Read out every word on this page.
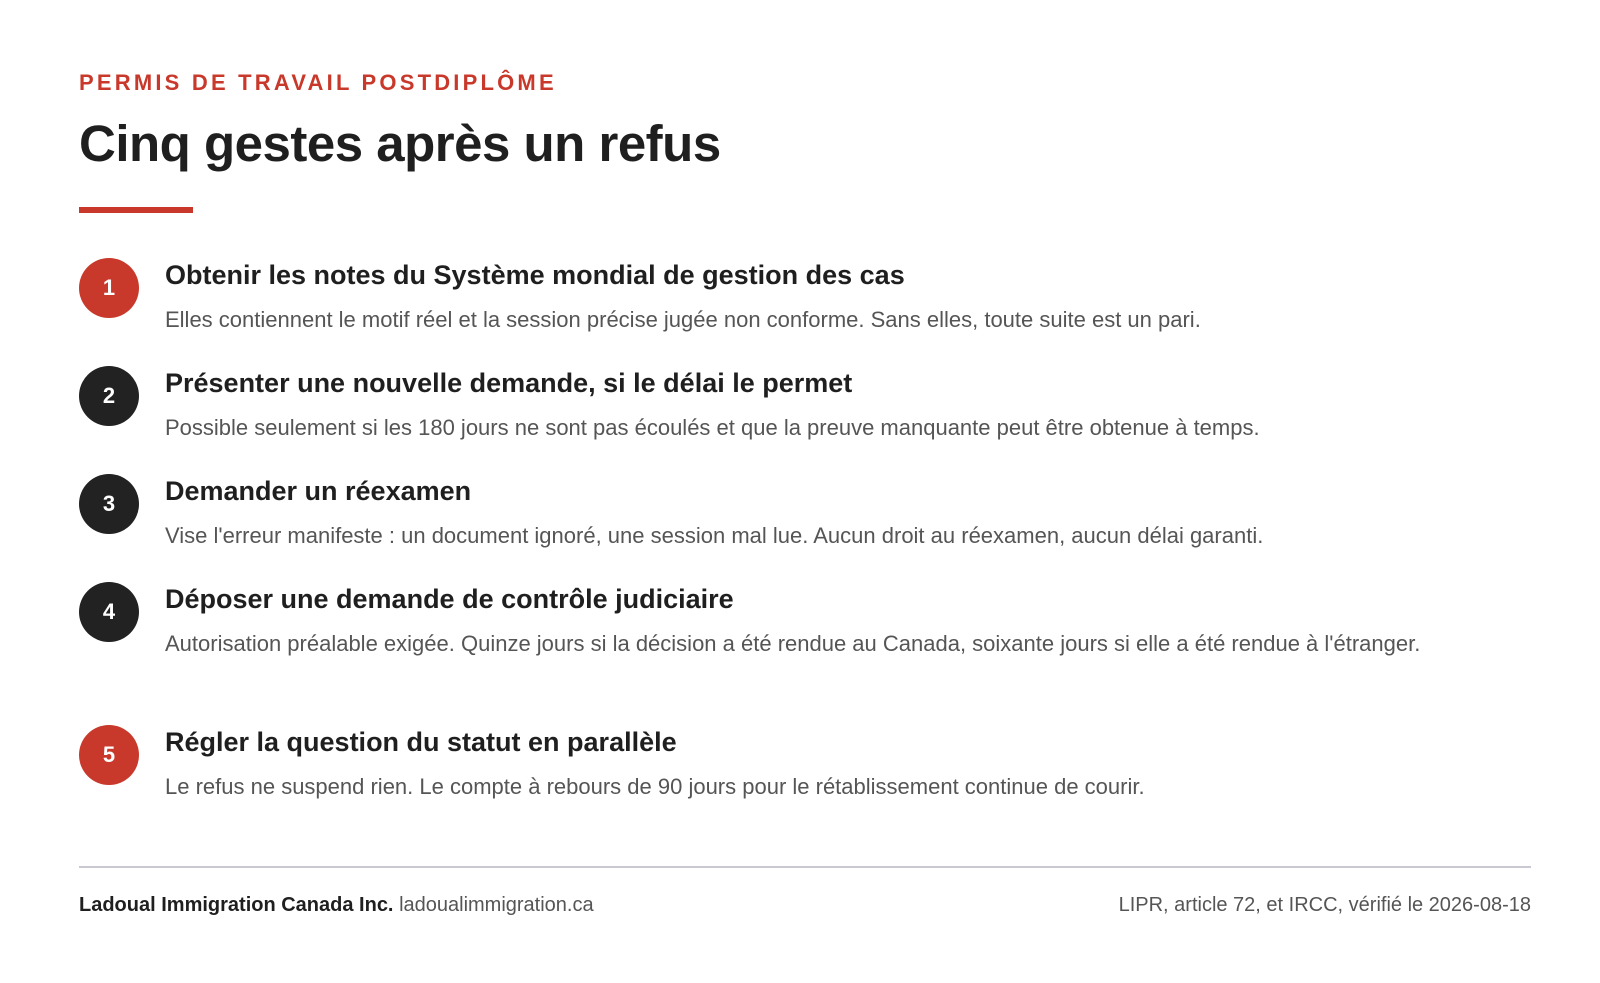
PERMIS DE TRAVAIL POSTDIPLÔME
Cinq gestes après un refus
1	Obtenir les notes du Système mondial de gestion des cas
Elles contiennent le motif réel et la session précise jugée non conforme. Sans elles, toute suite est un pari.
2	Présenter une nouvelle demande, si le délai le permet
Possible seulement si les 180 jours ne sont pas écoulés et que la preuve manquante peut être obtenue à temps.
3	Demander un réexamen
Vise l'erreur manifeste : un document ignoré, une session mal lue. Aucun droit au réexamen, aucun délai garanti.
4	Déposer une demande de contrôle judiciaire
Autorisation préalable exigée. Quinze jours si la décision a été rendue au Canada, soixante jours si elle a été rendue à l'étranger.
5	Régler la question du statut en parallèle
Le refus ne suspend rien. Le compte à rebours de 90 jours pour le rétablissement continue de courir.
Ladoual Immigration Canada Inc. ladoualimmigration.ca	LIPR, article 72, et IRCC, vérifié le 2026-08-18
